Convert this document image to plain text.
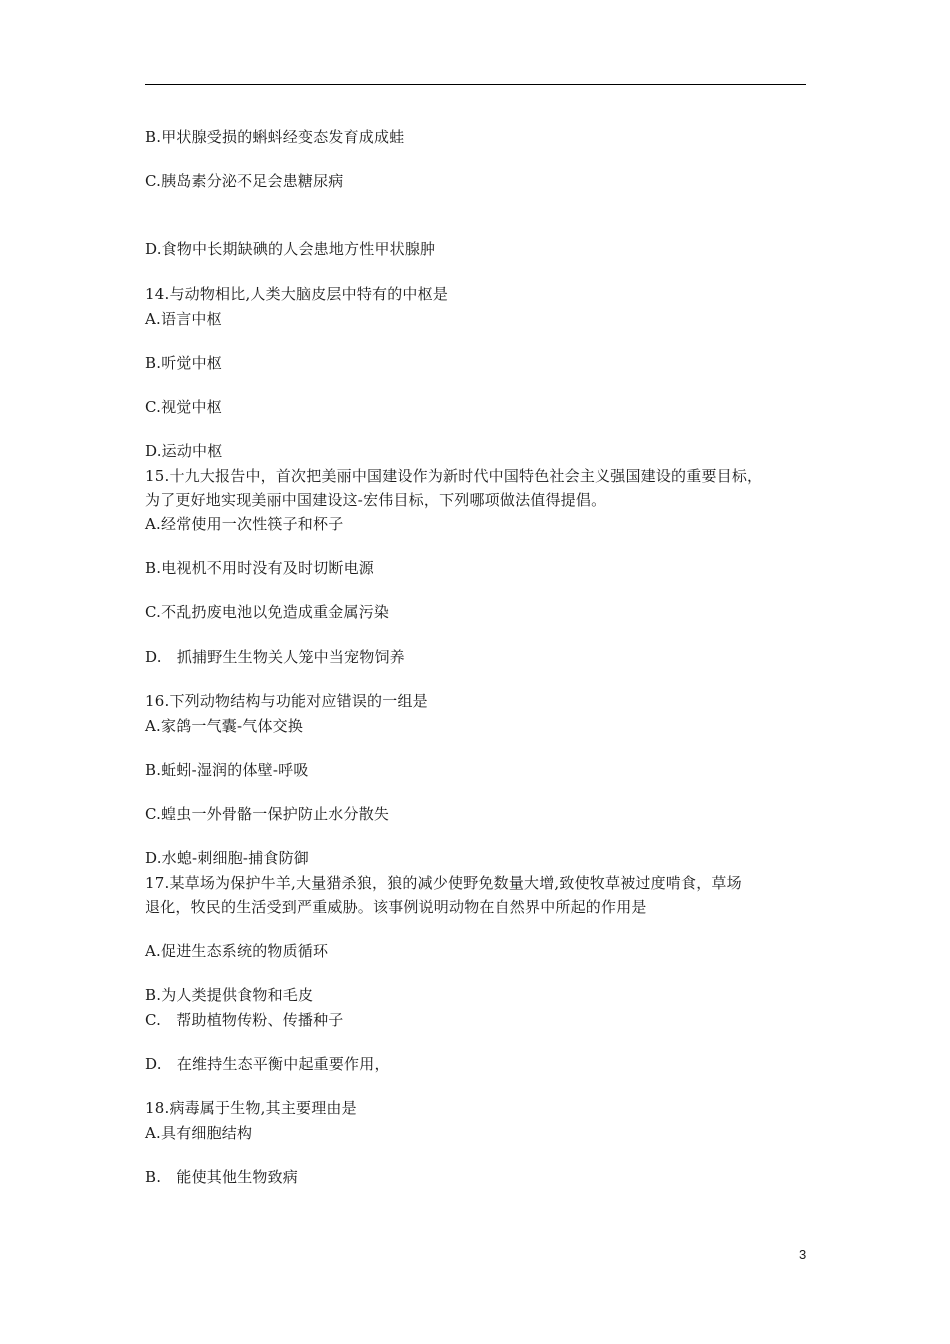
B.甲状腺受损的蝌蚪经变态发育成成蛙
C.胰岛素分泌不足会患糖尿病
D.食物中长期缺碘的人会患地方性甲状腺肿
14.与动物相比,人类大脑皮层中特有的中枢是
A.语言中枢
B.听觉中枢
C.视觉中枢
D.运动中枢
15.十九大报告中，首次把美丽中国建设作为新时代中国特色社会主义强国建设的重要目标，
为了更好地实现美丽中国建设这-宏伟目标，下列哪项做法值得提倡。
A.经常使用一次性筷子和杯子
B.电视机不用时没有及时切断电源
C.不乱扔废电池以免造成重金属污染
D.　抓捕野生生物关人笼中当宠物饲养
16.下列动物结构与功能对应错误的一组是
A.家鸽一气囊-气体交换
B.蚯蚓-湿润的体壁-呼吸
C.蝗虫一外骨骼一保护防止水分散失
D.水螅-刺细胞-捕食防御
17.某草场为保护牛羊,大量猎杀狼，狼的减少使野免数量大增,致使牧草被过度啃食，草场
退化，牧民的生活受到严重威胁。该事例说明动物在自然界中所起的作用是
A.促进生态系统的物质循环
B.为人类提供食物和毛皮
C.　帮助植物传粉、传播种子
D.　在维持生态平衡中起重要作用，
18.病毒属于生物,其主要理由是
A.具有细胞结构
B.　能使其他生物致病
3
